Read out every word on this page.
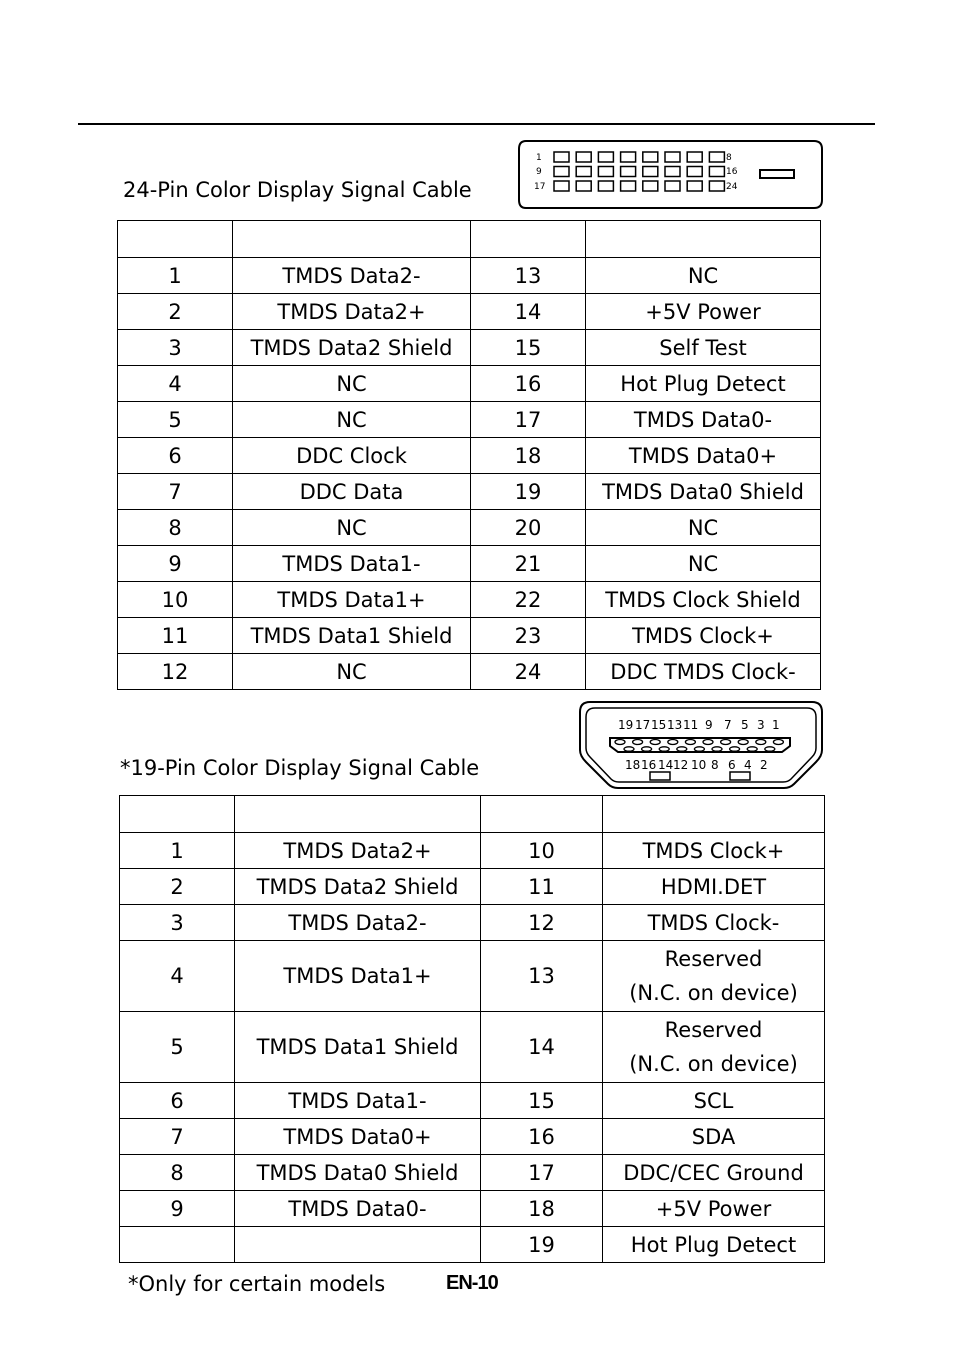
24-Pin Color Display Signal Cable
1
9
17
8
16
24

1	TMDS Data2-	13	NC
2	TMDS Data2+	14	+5V Power
3	TMDS Data2 Shield	15	Self Test
4	NC	16	Hot Plug Detect
5	NC	17	TMDS Data0-
6	DDC Clock	18	TMDS Data0+
7	DDC Data	19	TMDS Data0 Shield
8	NC	20	NC
9	TMDS Data1-	21	NC
10	TMDS Data1+	22	TMDS Clock Shield
11	TMDS Data1 Shield	23	TMDS Clock+
12	NC	24	DDC TMDS Clock-
*19-Pin Color Display Signal Cable
19 17 15 13 11 9 7 5 3 1
18 16 14 12 10 8 6 4 2

1	TMDS Data2+	10	TMDS Clock+
2	TMDS Data2 Shield	11	HDMI.DET
3	TMDS Data2-	12	TMDS Clock-
4	TMDS Data1+	13	Reserved
(N.C. on device)

5	TMDS Data1 Shield	14	Reserved
(N.C. on device)

6	TMDS Data1-	15	SCL
7	TMDS Data0+	16	SDA
8	TMDS Data0 Shield	17	DDC/CEC Ground
9	TMDS Data0-	18	+5V Power
		19	Hot Plug Detect
*Only for certain models	EN-10
